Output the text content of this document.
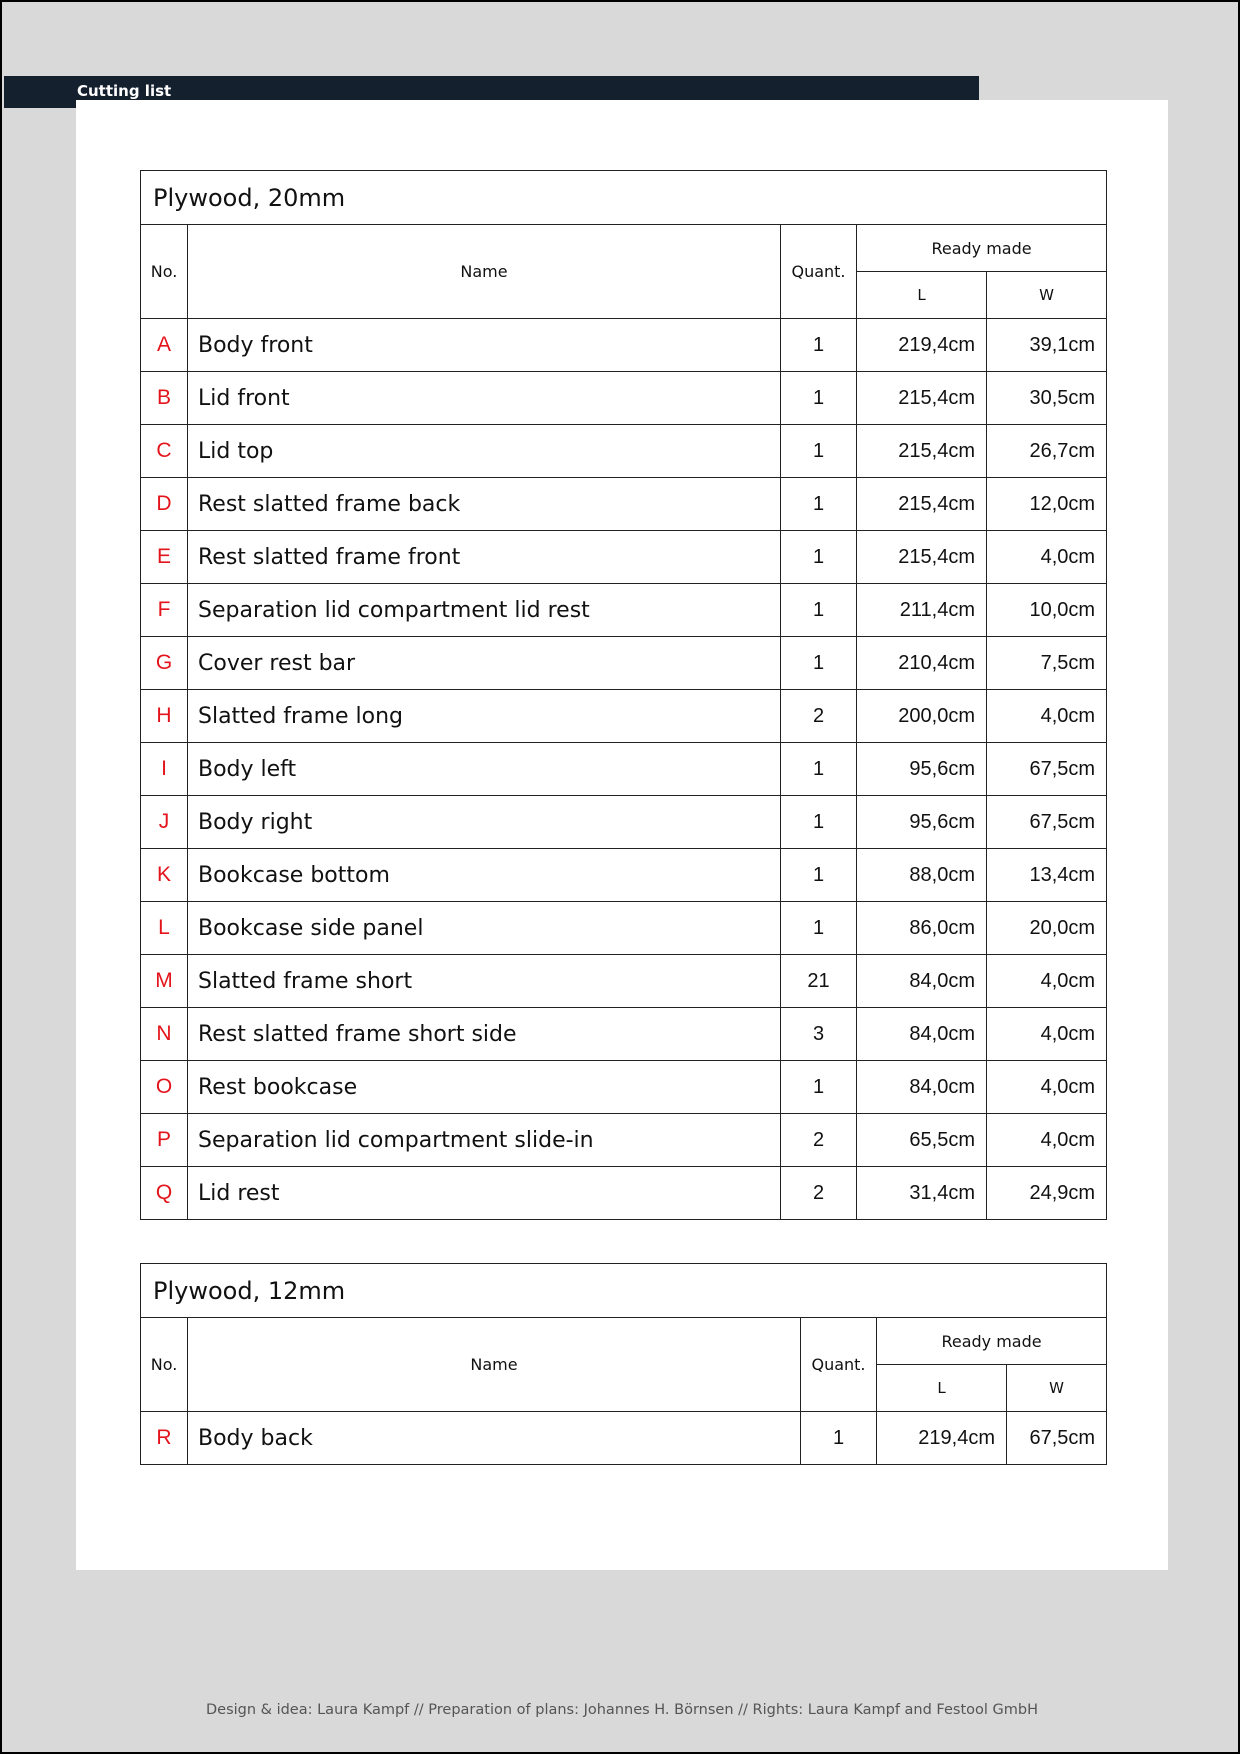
Cutting list
Plywood, 20mm				
No.	Name	Quant.	Ready made	
			L	W
A	Body front	1	219,4cm	39,1cm
B	Lid front	1	215,4cm	30,5cm
C	Lid top	1	215,4cm	26,7cm
D	Rest slatted frame back	1	215,4cm	12,0cm
E	Rest slatted frame front	1	215,4cm	4,0cm
F	Separation lid compartment lid rest	1	211,4cm	10,0cm
G	Cover rest bar	1	210,4cm	7,5cm
H	Slatted frame long	2	200,0cm	4,0cm
I	Body left	1	95,6cm	67,5cm
J	Body right	1	95,6cm	67,5cm
K	Bookcase bottom	1	88,0cm	13,4cm
L	Bookcase side panel	1	86,0cm	20,0cm
M	Slatted frame short	21	84,0cm	4,0cm
N	Rest slatted frame short side	3	84,0cm	4,0cm
O	Rest bookcase	1	84,0cm	4,0cm
P	Separation lid compartment slide-in	2	65,5cm	4,0cm
Q	Lid rest	2	31,4cm	24,9cm
Plywood, 12mm				
No.	Name	Quant.	Ready made	
			L	W
R	Body back	1	219,4cm	67,5cm
Design & idea: Laura Kampf // Preparation of plans: Johannes H. Börnsen // Rights: Laura Kampf and Festool GmbH
